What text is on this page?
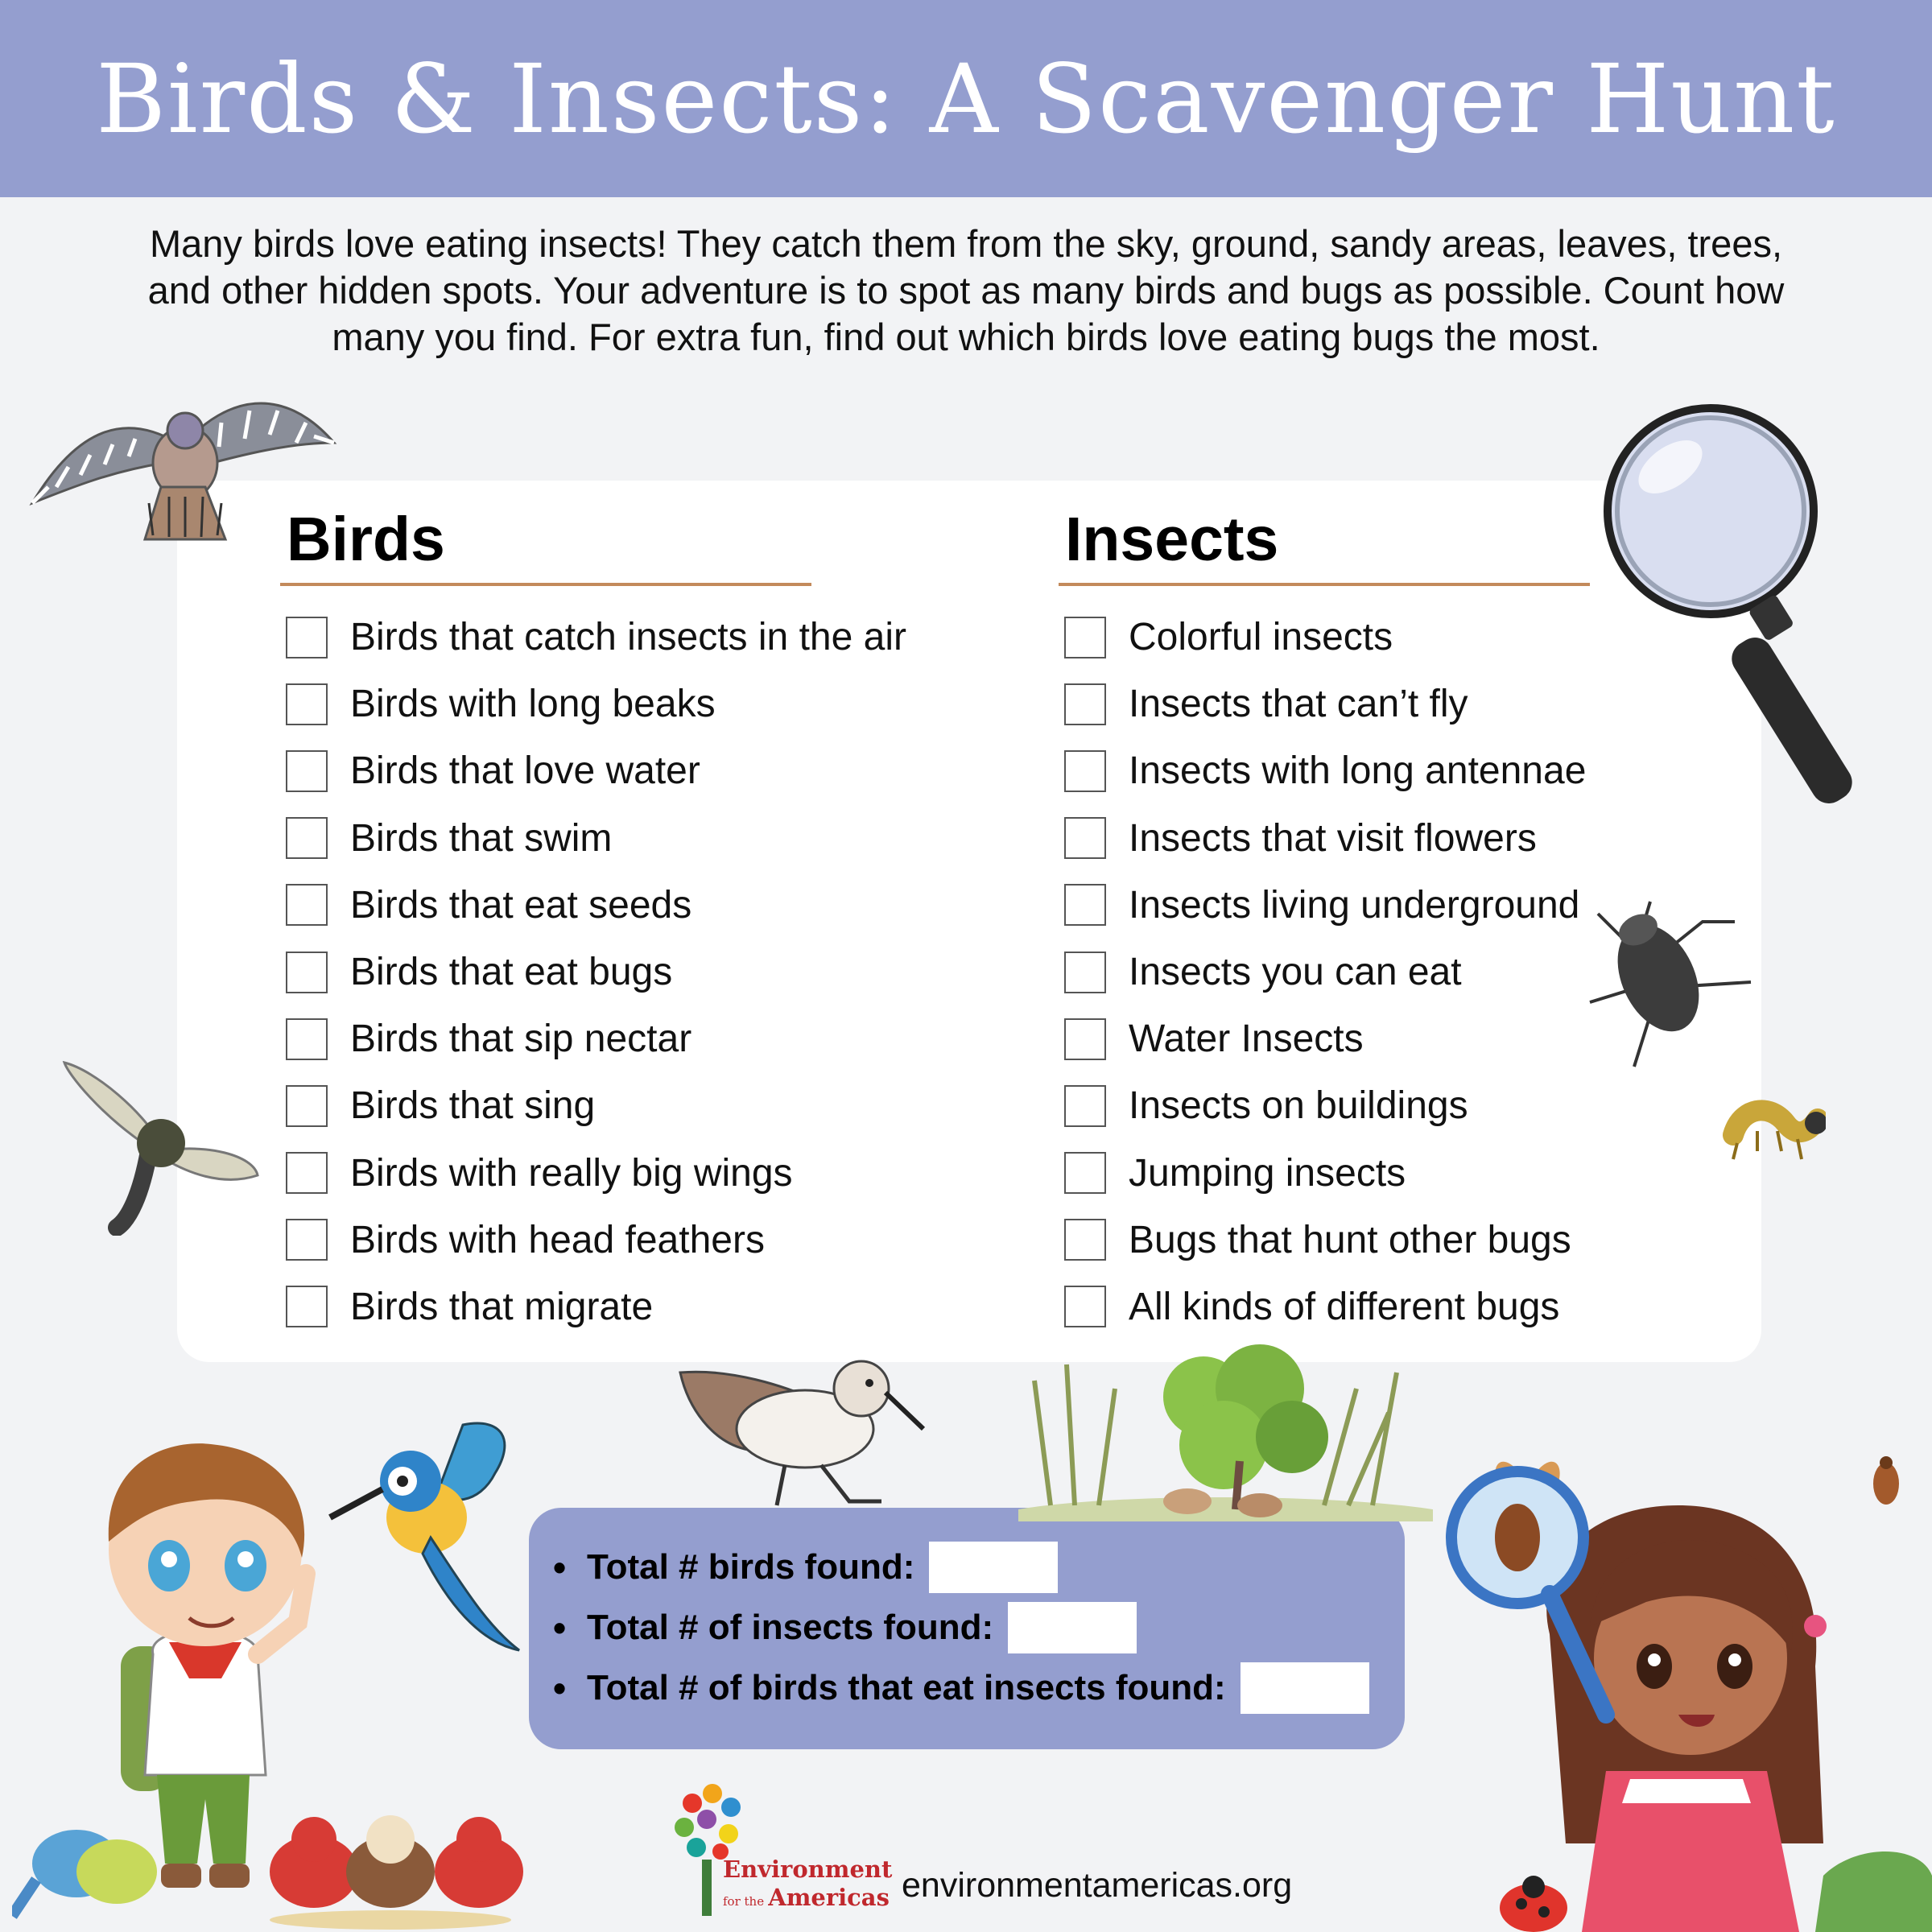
Birds & Insects: A Scavenger Hunt

Many birds love eating insects! They catch them from the sky, ground, sandy areas, leaves, trees, and other hidden spots. Your adventure is to spot as many birds and bugs as possible. Count how many you find. For extra fun, find out which birds love eating bugs the most.

Birds
Birds that catch insects in the air
Birds with long beaks
Birds that love water
Birds that swim
Birds that eat seeds
Birds that eat bugs
Birds that sip nectar
Birds that sing
Birds with really big wings
Birds with head feathers
Birds that migrate
Insects
Colorful insects
Insects that can’t fly
Insects with long antennae
Insects that visit flowers
Insects living underground
Insects you can eat
Water Insects
Insects on buildings
Jumping insects
Bugs that hunt other bugs
All kinds of different bugs
• Total # birds found:
• Total # of insects found:
• Total # of birds that eat insects found:
Environment
for the Americas environmentamericas.org
